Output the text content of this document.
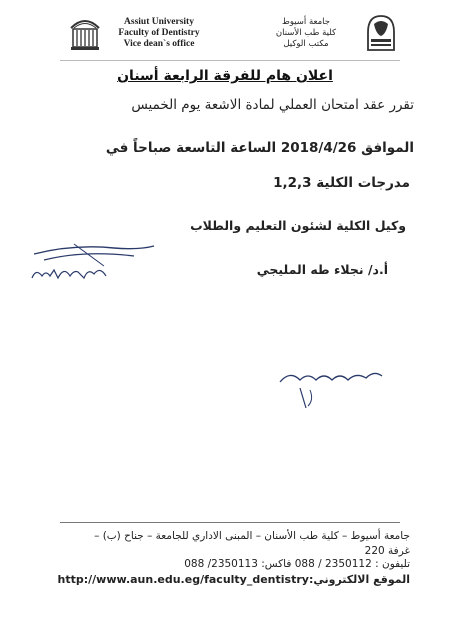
Assiut University
Faculty of Dentistry
Vice dean`s office
جامعة أسيوط
كلية طب الأسنان
مكتب الوكيل
اعلان هام للفرقة الرابعة أسنان
تقرر عقد امتحان العملي لمادة الاشعة يوم الخميس
الموافق 2018/4/26 الساعة التاسعة صباحاً في
مدرجات الكلية 1,2,3
وكيل الكلية لشئون التعليم والطلاب
أ.د/ نجلاء طه المليجي
جامعة أسيوط – كلية طب الأسنان – المبنى الاداري للجامعة – جناح (ب) –
غرفة 220
تليفون : 2350112 / 088 فاكس: 2350113/ 088
الموقع الالكتروني:http://www.aun.edu.eg/faculty_dentistry
